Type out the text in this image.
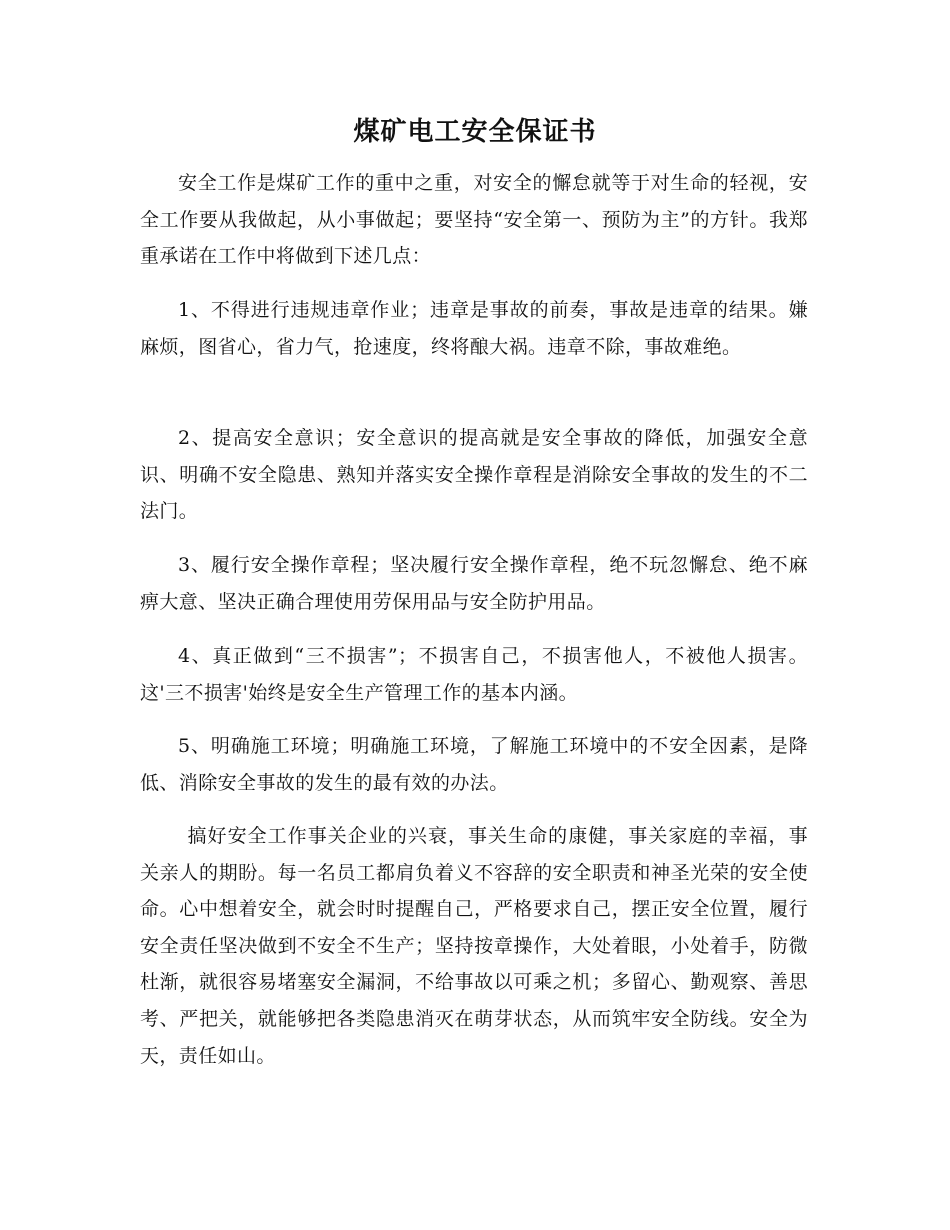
煤矿电工安全保证书

安全工作是煤矿工作的重中之重，对安全的懈怠就等于对生命的轻视，安全工作要从我做起，从小事做起；要坚持“安全第一、预防为主”的方针。我郑重承诺在工作中将做到下述几点：

1、不得进行违规违章作业；违章是事故的前奏，事故是违章的结果。嫌麻烦，图省心，省力气，抢速度，终将酿大祸。违章不除，事故难绝。

2、提高安全意识；安全意识的提高就是安全事故的降低，加强安全意识、明确不安全隐患、熟知并落实安全操作章程是消除安全事故的发生的不二法门。

3、履行安全操作章程；坚决履行安全操作章程，绝不玩忽懈怠、绝不麻痹大意、坚决正确合理使用劳保用品与安全防护用品。

4、真正做到“三不损害”；不损害自己，不损害他人，不被他人损害。这'三不损害'始终是安全生产管理工作的基本内涵。

5、明确施工环境；明确施工环境，了解施工环境中的不安全因素，是降低、消除安全事故的发生的最有效的办法。

搞好安全工作事关企业的兴衰，事关生命的康健，事关家庭的幸福，事关亲人的期盼。每一名员工都肩负着义不容辞的安全职责和神圣光荣的安全使命。心中想着安全，就会时时提醒自己，严格要求自己，摆正安全位置，履行安全责任坚决做到不安全不生产；坚持按章操作，大处着眼，小处着手，防微杜渐，就很容易堵塞安全漏洞，不给事故以可乘之机；多留心、勤观察、善思考、严把关，就能够把各类隐患消灭在萌芽状态，从而筑牢安全防线。安全为天，责任如山。
